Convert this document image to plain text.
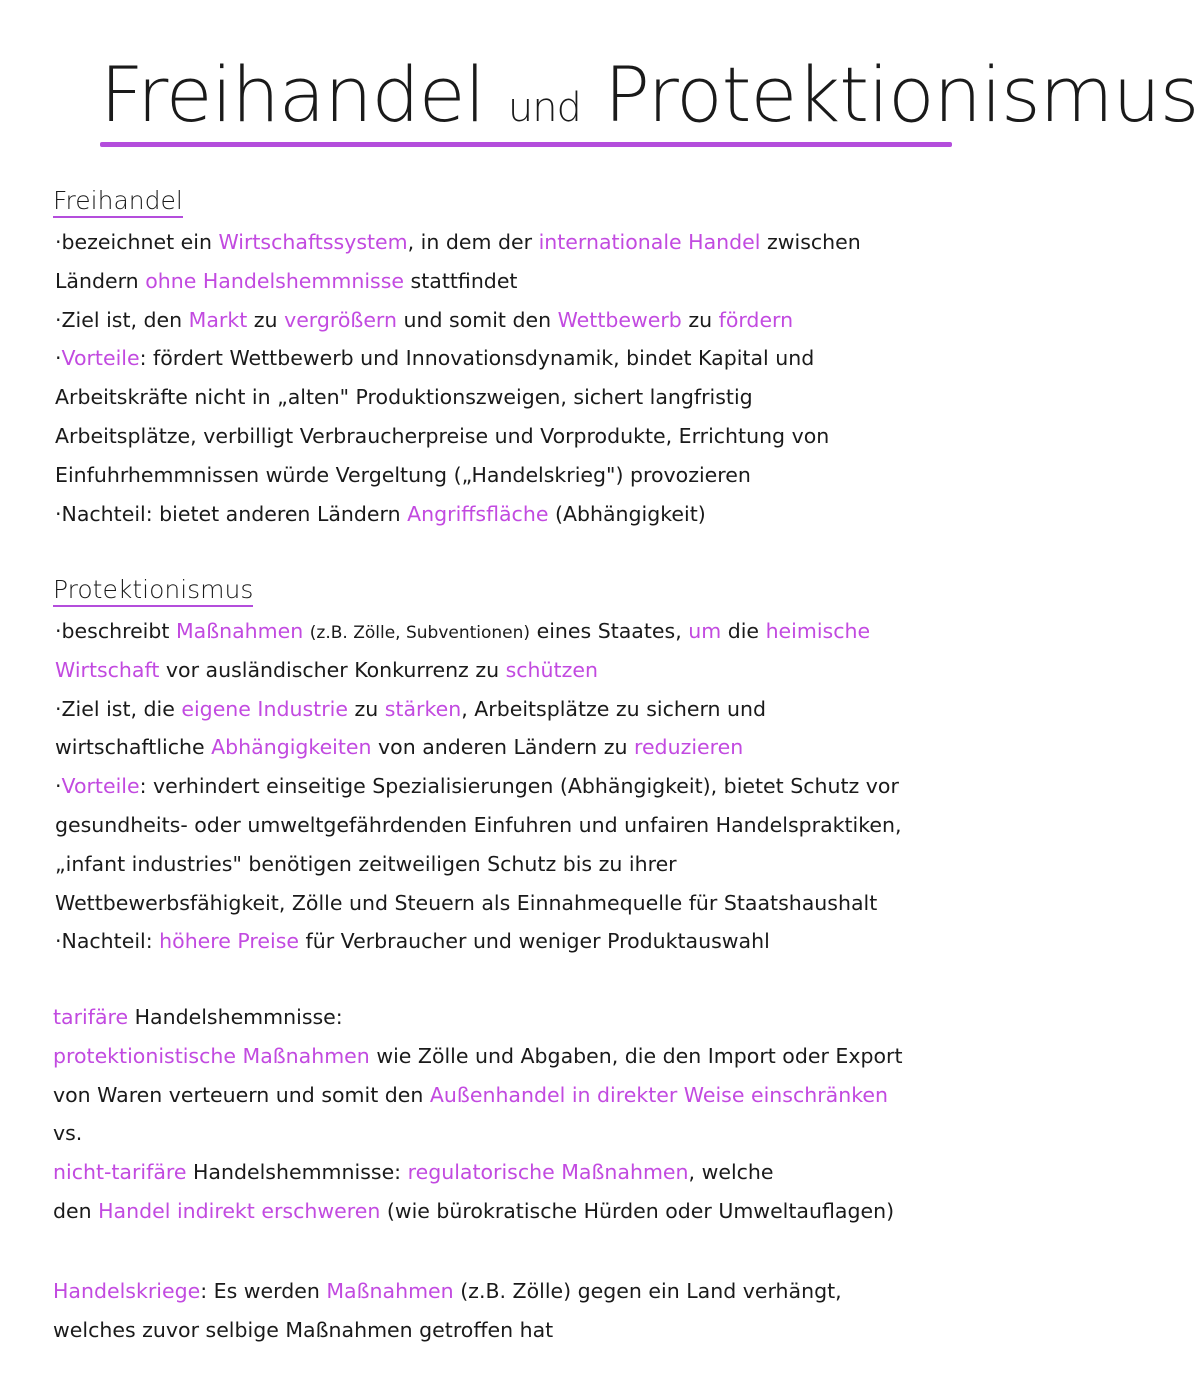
Freihandel und Protektionismus
Freihandel
·bezeichnet ein Wirtschaftssystem, in dem der internationale Handel zwischen
Ländern ohne Handelshemmnisse stattfindet
·Ziel ist, den Markt zu vergrößern und somit den Wettbewerb zu fördern
·Vorteile: fördert Wettbewerb und Innovationsdynamik, bindet Kapital und
Arbeitskräfte nicht in „alten" Produktionszweigen, sichert langfristig
Arbeitsplätze, verbilligt Verbraucherpreise und Vorprodukte, Errichtung von
Einfuhrhemmnissen würde Vergeltung („Handelskrieg") provozieren
·Nachteil: bietet anderen Ländern Angriffsfläche (Abhängigkeit)
Protektionismus
·beschreibt Maßnahmen (z.B. Zölle, Subventionen) eines Staates, um die heimische
Wirtschaft vor ausländischer Konkurrenz zu schützen
·Ziel ist, die eigene Industrie zu stärken, Arbeitsplätze zu sichern und
wirtschaftliche Abhängigkeiten von anderen Ländern zu reduzieren
·Vorteile: verhindert einseitige Spezialisierungen (Abhängigkeit), bietet Schutz vor
gesundheits- oder umweltgefährdenden Einfuhren und unfairen Handelspraktiken,
„infant industries" benötigen zeitweiligen Schutz bis zu ihrer
Wettbewerbsfähigkeit, Zölle und Steuern als Einnahmequelle für Staatshaushalt
·Nachteil: höhere Preise für Verbraucher und weniger Produktauswahl
tarifäre Handelshemmnisse:
protektionistische Maßnahmen wie Zölle und Abgaben, die den Import oder Export
von Waren verteuern und somit den Außenhandel in direkter Weise einschränken
vs.
nicht-tarifäre Handelshemmnisse: regulatorische Maßnahmen, welche
den Handel indirekt erschweren (wie bürokratische Hürden oder Umweltauflagen)
Handelskriege: Es werden Maßnahmen (z.B. Zölle) gegen ein Land verhängt,
welches zuvor selbige Maßnahmen getroffen hat
